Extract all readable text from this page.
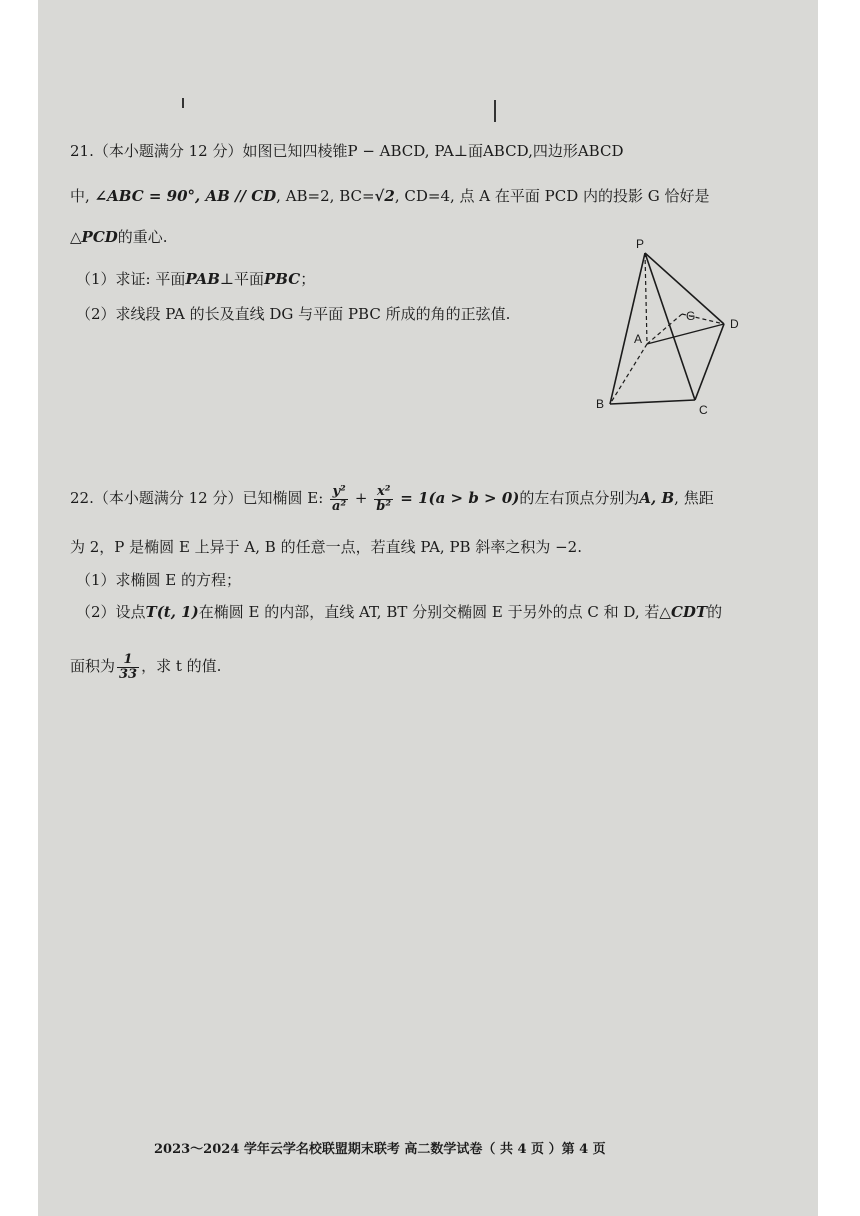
21.（本小题满分 12 分）如图已知四棱锥P − ABCD, PA⊥面ABCD,四边形ABCD
中, ∠ABC = 90°, AB // CD, AB=2, BC=√2, CD=4, 点 A 在平面 PCD 内的投影 G 恰好是
△PCD的重心.
（1）求证: 平面PAB⊥平面PBC；
（2）求线段 PA 的长及直线 DG 与平面 PBC 所成的角的正弦值.
P
A
G
D
B	C
22.（本小题满分 12 分）已知椭圆 E: $\frac{\text{y²}}{\text{a²}} + \frac{\text{x²}}{\text{b²}} = 1(a > b > 0)$的左右顶点分别为A, B, 焦距
为 2，P 是椭圆 E 上异于 A, B 的任意一点，若直线 PA, PB 斜率之积为 −2.
（1）求椭圆 E 的方程；
（2）设点T(t, 1)在椭圆 E 的内部，直线 AT, BT 分别交椭圆 E 于另外的点 C 和 D, 若△CDT的
面积为 $\frac{1}{33}$ ，求 t 的值.
2023～2024 学年云学名校联盟期末联考 高二数学试卷（ 共 4 页 ）第 4 页
